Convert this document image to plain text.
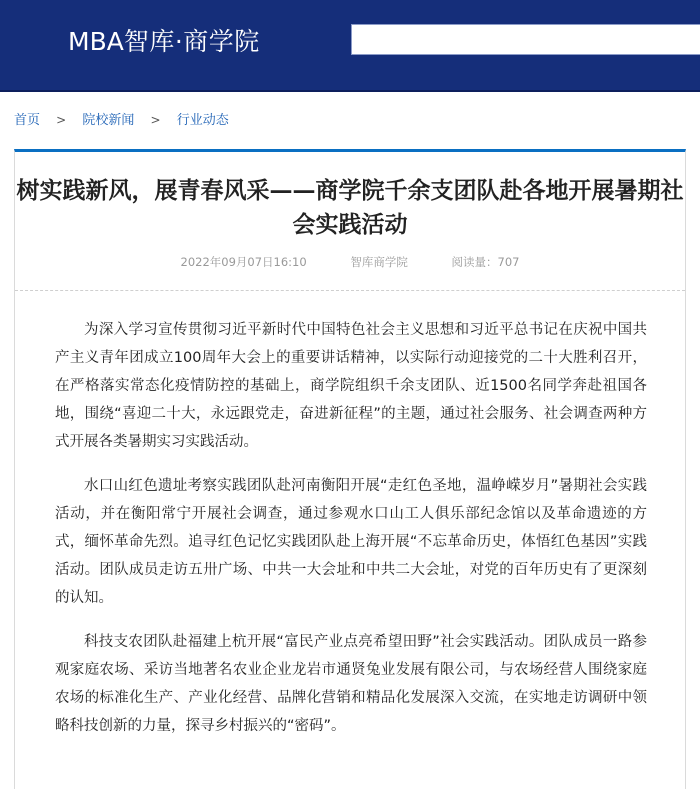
MBA智库·商学院
首页 > 院校新闻 > 行业动态
树实践新风，展青春风采——商学院千余支团队赴各地开展暑期社会实践活动
2022年09月07日16:10	智库商学院	阅读量：707

为深入学习宣传贯彻习近平新时代中国特色社会主义思想和习近平总书记在庆祝中国共产主义青年团成立100周年大会上的重要讲话精神，以实际行动迎接党的二十大胜利召开，在严格落实常态化疫情防控的基础上，商学院组织千余支团队、近1500名同学奔赴祖国各地，围绕“喜迎二十大，永远跟党走，奋进新征程”的主题，通过社会服务、社会调查两种方式开展各类暑期实习实践活动。

水口山红色遗址考察实践团队赴河南衡阳开展“走红色圣地，温峥嵘岁月”暑期社会实践活动，并在衡阳常宁开展社会调查，通过参观水口山工人俱乐部纪念馆以及革命遗迹的方式，缅怀革命先烈。追寻红色记忆实践团队赴上海开展“不忘革命历史，体悟红色基因”实践活动。团队成员走访五卅广场、中共一大会址和中共二大会址，对党的百年历史有了更深刻的认知。

科技支农团队赴福建上杭开展“富民产业点亮希望田野”社会实践活动。团队成员一路参观家庭农场、采访当地著名农业企业龙岩市通贤兔业发展有限公司，与农场经营人围绕家庭农场的标准化生产、产业化经营、品牌化营销和精品化发展深入交流，在实地走访调研中领略科技创新的力量，探寻乡村振兴的“密码”。
